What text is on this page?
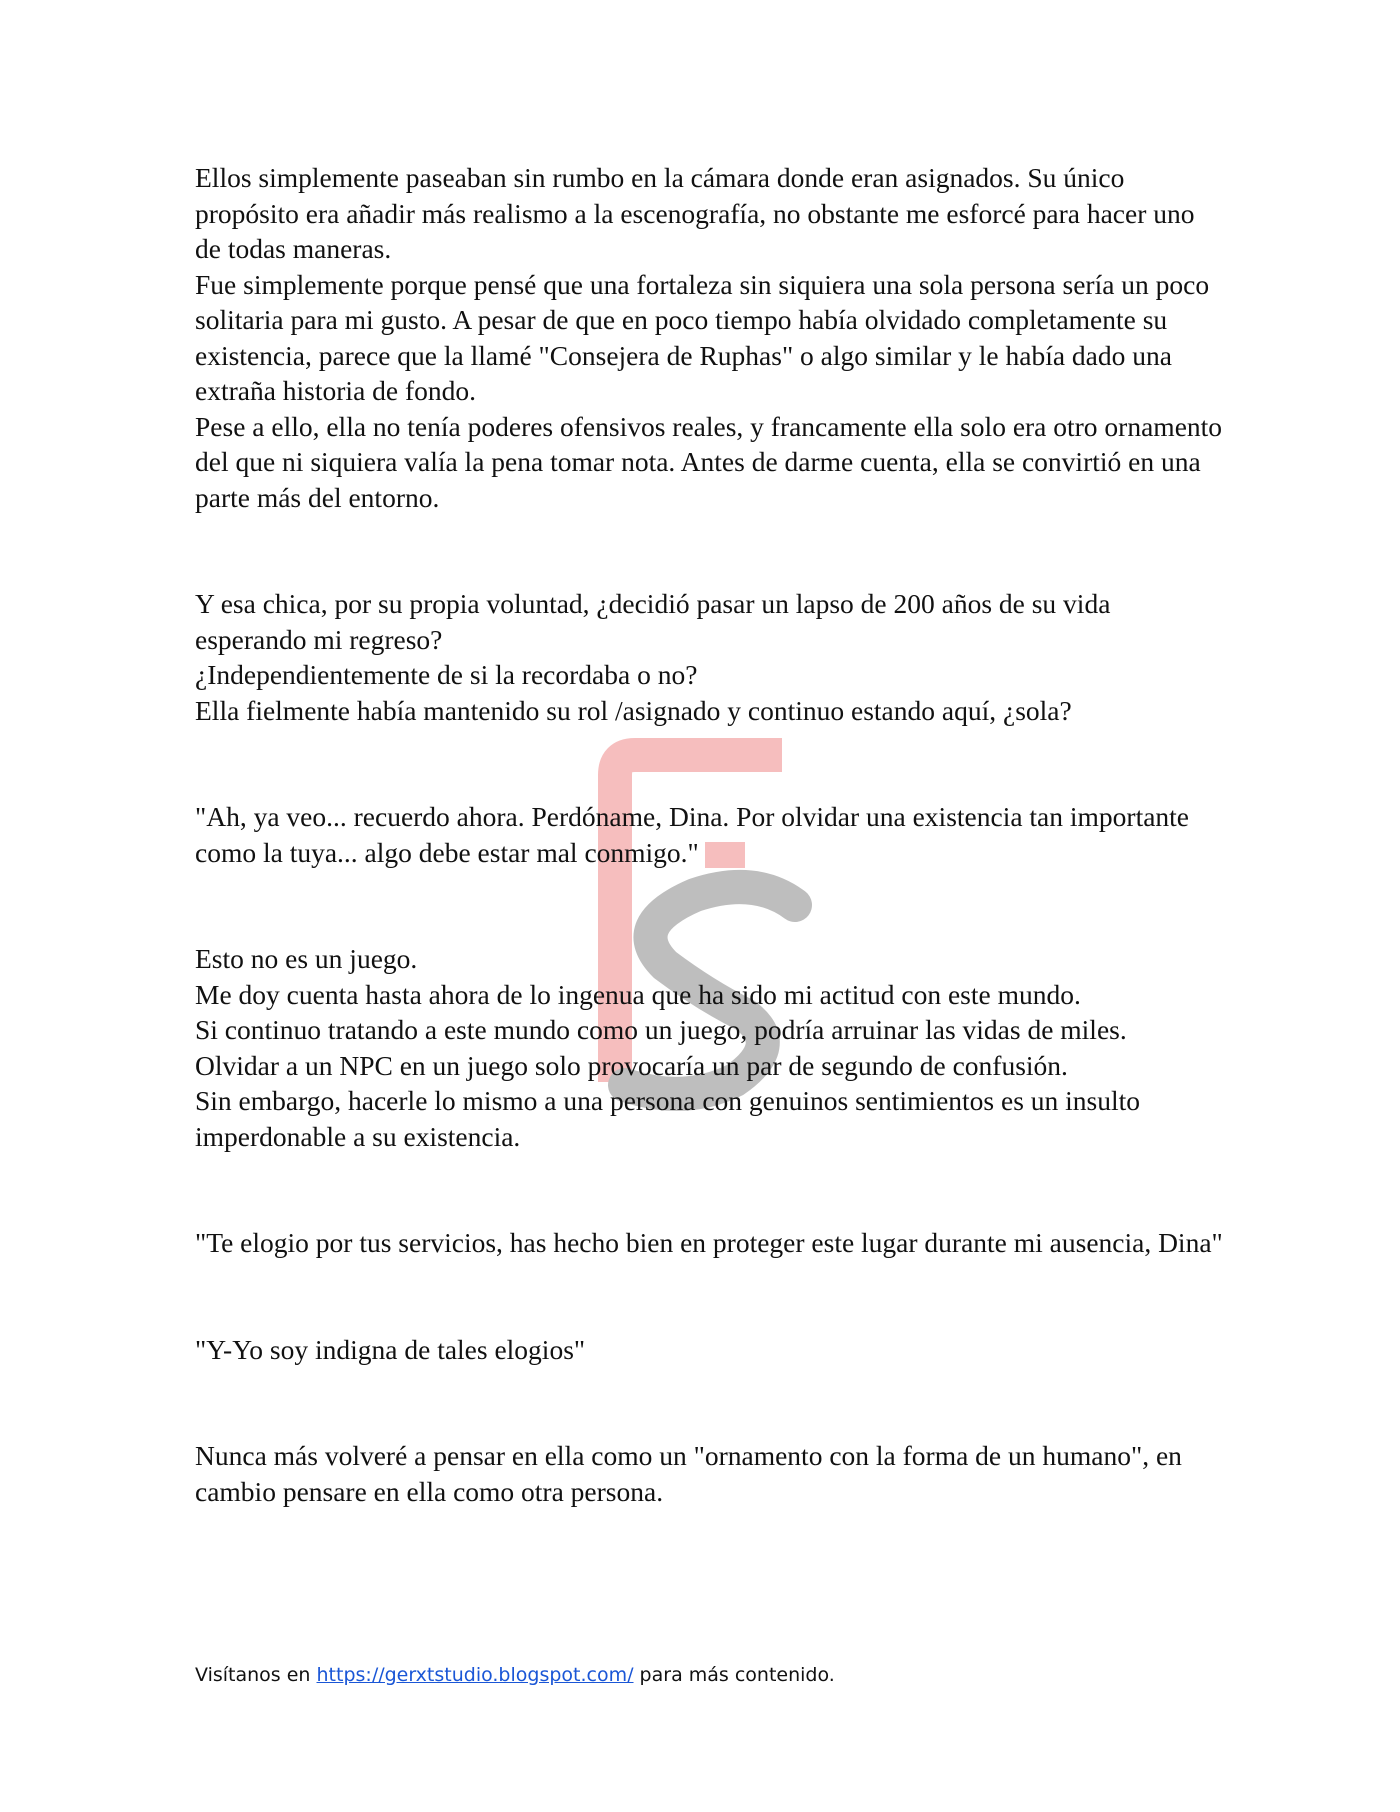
Ellos simplemente paseaban sin rumbo en la cámara donde eran asignados. Su único propósito era añadir más realismo a la escenografía, no obstante me esforcé para hacer uno de todas maneras.

Fue simplemente porque pensé que una fortaleza sin siquiera una sola persona sería un poco solitaria para mi gusto. A pesar de que en poco tiempo había olvidado completamente su existencia, parece que la llamé "Consejera de Ruphas" o algo similar y le había dado una extraña historia de fondo.

Pese a ello, ella no tenía poderes ofensivos reales, y francamente ella solo era otro ornamento del que ni siquiera valía la pena tomar nota. Antes de darme cuenta, ella se convirtió en una parte más del entorno.

Y esa chica, por su propia voluntad, ¿decidió pasar un lapso de 200 años de su vida esperando mi regreso?

¿Independientemente de si la recordaba o no?

Ella fielmente había mantenido su rol /asignado y continuo estando aquí, ¿sola?

"Ah, ya veo... recuerdo ahora. Perdóname, Dina. Por olvidar una existencia tan importante como la tuya... algo debe estar mal conmigo."

Esto no es un juego.

Me doy cuenta hasta ahora de lo ingenua que ha sido mi actitud con este mundo.

Si continuo tratando a este mundo como un juego, podría arruinar las vidas de miles.

Olvidar a un NPC en un juego solo provocaría un par de segundo de confusión.

Sin embargo, hacerle lo mismo a una persona con genuinos sentimientos es un insulto imperdonable a su existencia.

"Te elogio por tus servicios, has hecho bien en proteger este lugar durante mi ausencia, Dina"

"Y-Yo soy indigna de tales elogios"

Nunca más volveré a pensar en ella como un "ornamento con la forma de un humano", en cambio pensare en ella como otra persona.

Visítanos en https://gerxtstudio.blogspot.com/ para más contenido.
